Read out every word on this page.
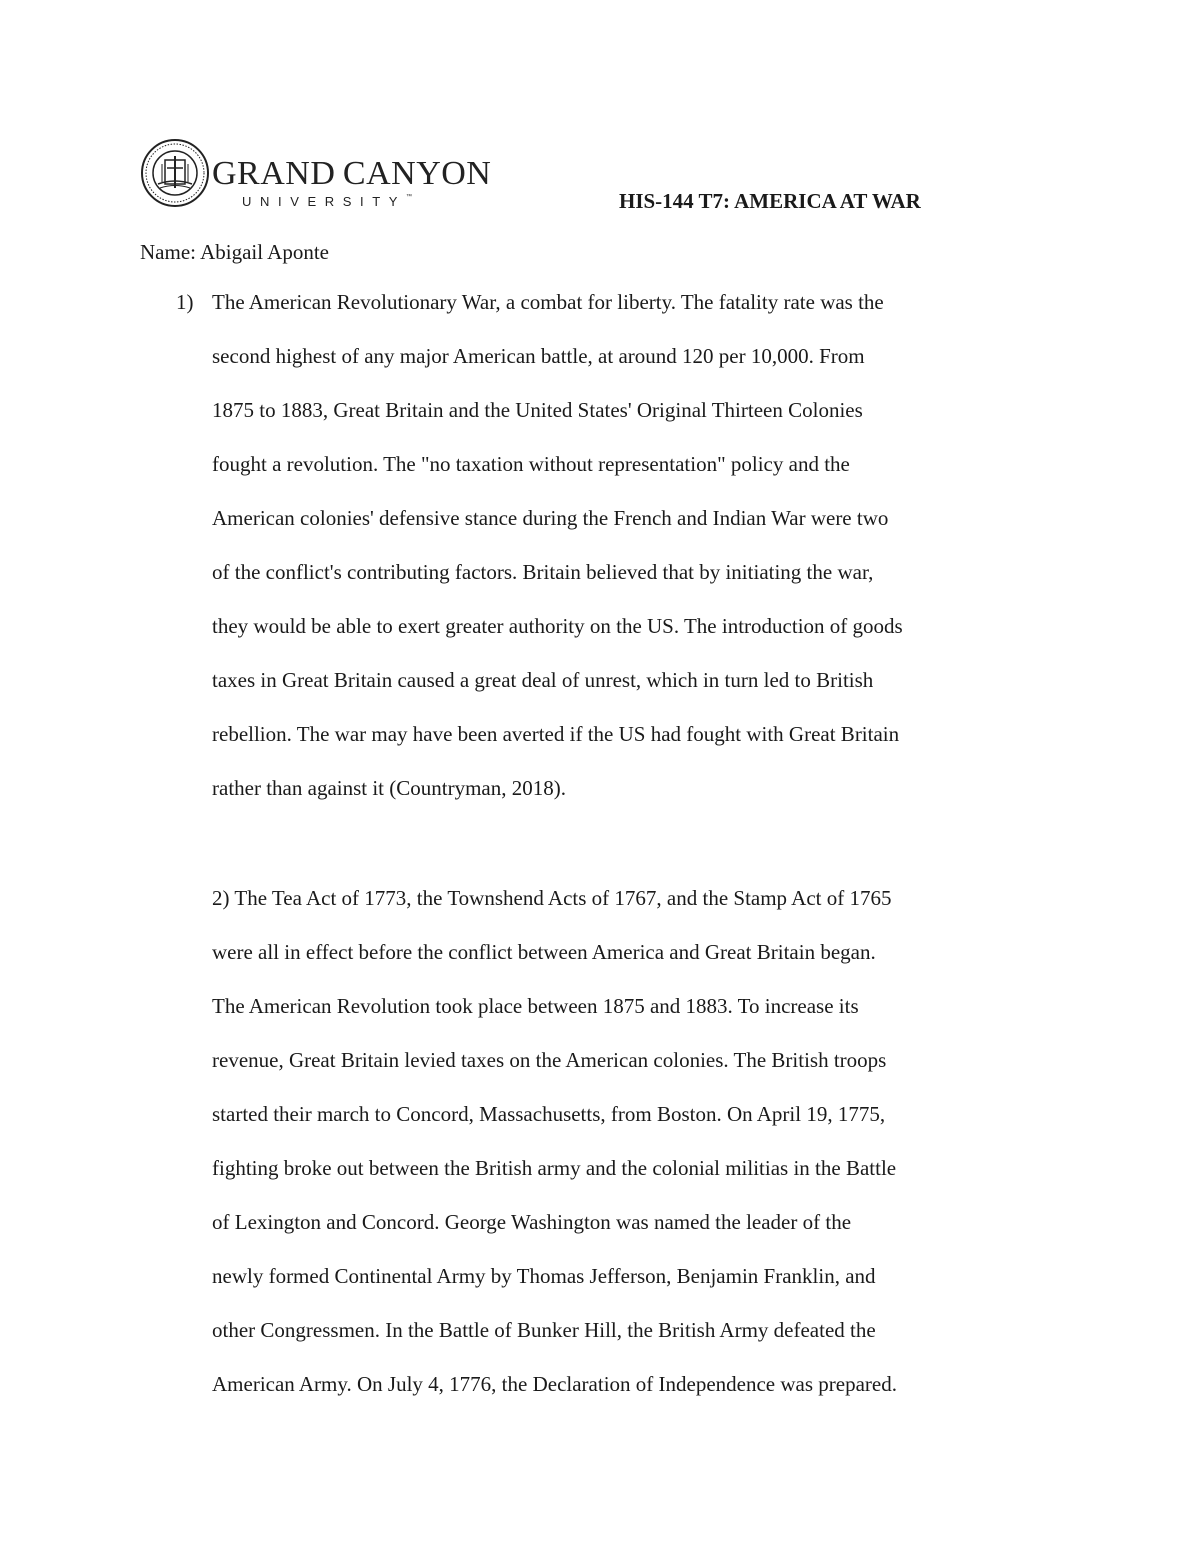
GRAND CANYON
UNIVERSITY™	HIS-144 T7: AMERICA AT WAR
Name: Abigail Aponte
1) The American Revolutionary War, a combat for liberty. The fatality rate was the
second highest of any major American battle, at around 120 per 10,000. From
1875 to 1883, Great Britain and the United States' Original Thirteen Colonies
fought a revolution. The "no taxation without representation" policy and the
American colonies' defensive stance during the French and Indian War were two
of the conflict's contributing factors. Britain believed that by initiating the war,
they would be able to exert greater authority on the US. The introduction of goods
taxes in Great Britain caused a great deal of unrest, which in turn led to British
rebellion. The war may have been averted if the US had fought with Great Britain
rather than against it (Countryman, 2018).
2) The Tea Act of 1773, the Townshend Acts of 1767, and the Stamp Act of 1765
were all in effect before the conflict between America and Great Britain began.
The American Revolution took place between 1875 and 1883. To increase its
revenue, Great Britain levied taxes on the American colonies. The British troops
started their march to Concord, Massachusetts, from Boston. On April 19, 1775,
fighting broke out between the British army and the colonial militias in the Battle
of Lexington and Concord. George Washington was named the leader of the
newly formed Continental Army by Thomas Jefferson, Benjamin Franklin, and
other Congressmen. In the Battle of Bunker Hill, the British Army defeated the
American Army. On July 4, 1776, the Declaration of Independence was prepared.
